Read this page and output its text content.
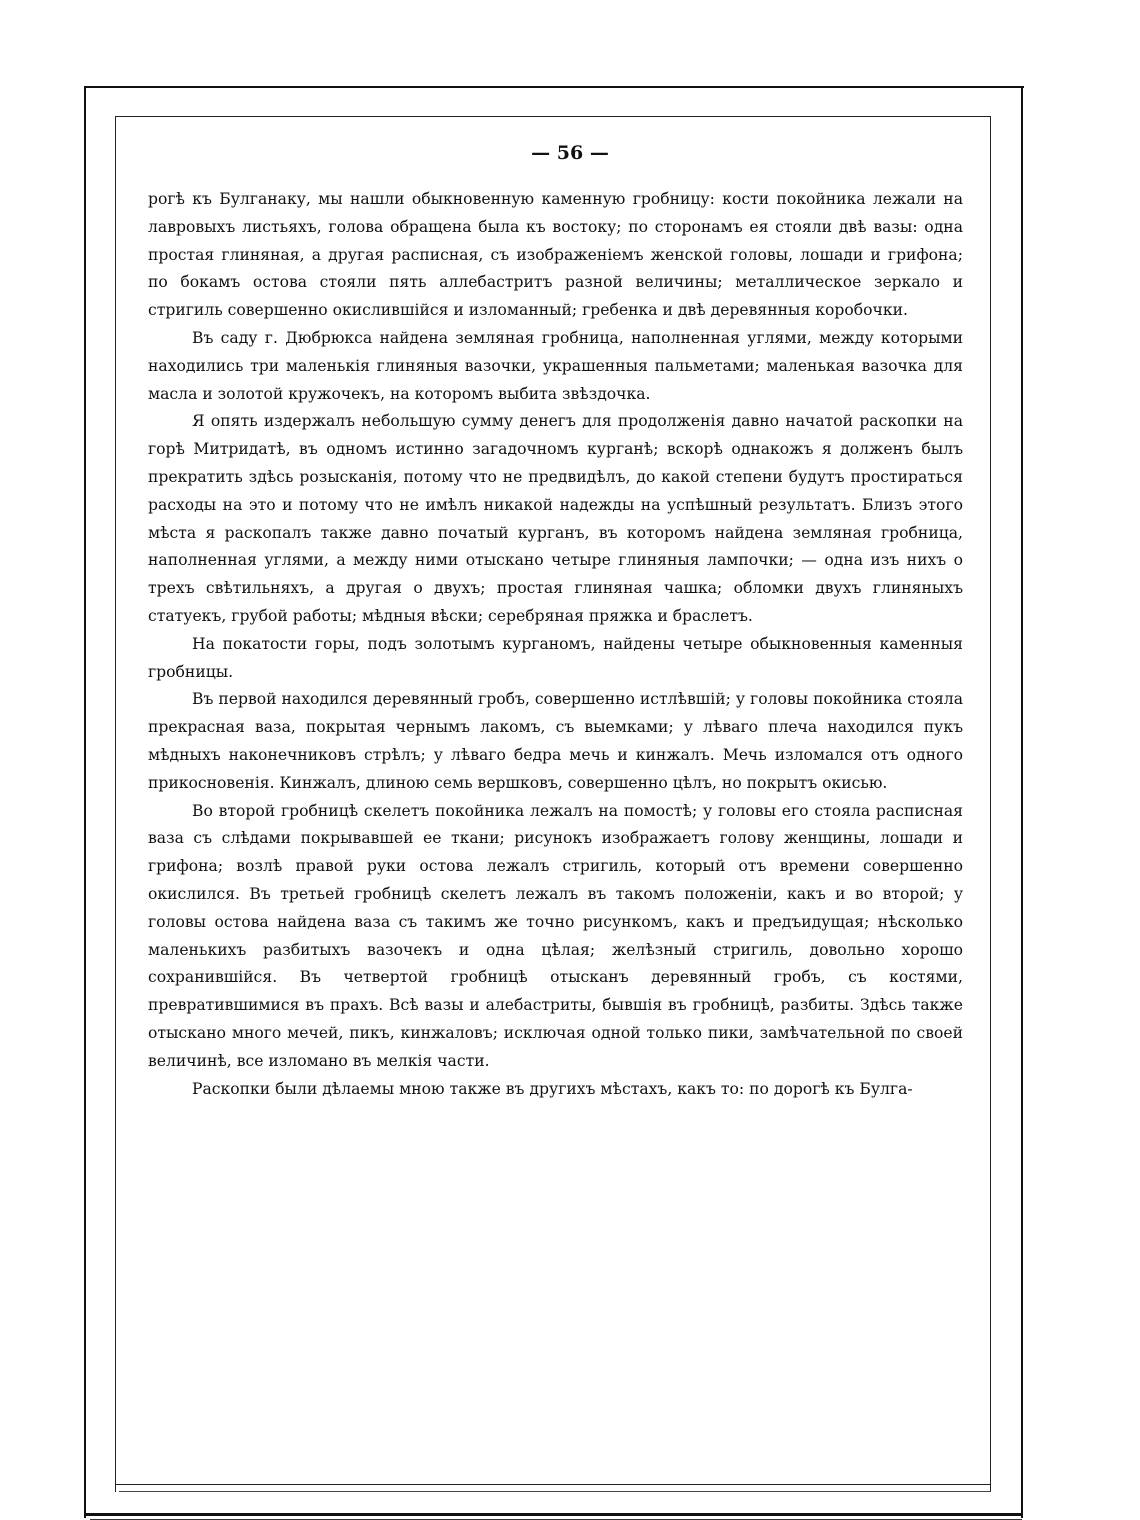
— 56 —

рогѣ къ Булганаку, мы нашли обыкновенную каменную гробницу: кости покойника лежали на лавровыхъ листьяхъ, голова обращена была къ востоку; по сторонамъ ея стояли двѣ вазы: одна простая глиняная, а другая расписная, съ изображеніемъ женской головы, лошади и грифона; по бокамъ остова стояли пять аллебастритъ разной величины; металлическое зеркало и стригиль совершенно окислившійся и изломанный; гребенка и двѣ деревянныя коробочки.

Въ саду г. Дюбрюкса найдена земляная гробница, наполненная углями, между которыми находились три маленькія глиняныя вазочки, украшенныя пальметами; маленькая вазочка для масла и золотой кружочекъ, на которомъ выбита звѣздочка.

Я опять издержалъ небольшую сумму денегъ для продолженія давно начатой раскопки на горѣ Митридатѣ, въ одномъ истинно загадочномъ курганѣ; вскорѣ однакожъ я долженъ былъ прекратить здѣсь розысканія, потому что не предвидѣлъ, до какой степени будутъ простираться расходы на это и потому что не имѣлъ никакой надежды на успѣшный результатъ. Близъ этого мѣста я раскопалъ также давно початый курганъ, въ которомъ найдена земляная гробница, наполненная углями, а между ними отыскано четыре глиняныя лампочки; — одна изъ нихъ о трехъ свѣтильняхъ, а другая о двухъ; простая глиняная чашка; обломки двухъ глиняныхъ статуекъ, грубой работы; мѣдныя вѣски; серебряная пряжка и браслетъ.

На покатости горы, подъ золотымъ курганомъ, найдены четыре обыкновенныя каменныя гробницы.

Въ первой находился деревянный гробъ, совершенно истлѣвшій; у головы покойника стояла прекрасная ваза, покрытая чернымъ лакомъ, съ выемками; у лѣваго плеча находился пукъ мѣдныхъ наконечниковъ стрѣлъ; у лѣваго бедра мечь и кинжалъ. Мечь изломался отъ одного прикосновенія. Кинжалъ, длиною семь вершковъ, совершенно цѣлъ, но покрытъ окисью.

Во второй гробницѣ скелетъ покойника лежалъ на помостѣ; у головы его стояла расписная ваза съ слѣдами покрывавшей ее ткани; рисунокъ изображаетъ голову женщины, лошади и грифона; возлѣ правой руки остова лежалъ стригиль, который отъ времени совершенно окислился. Въ третьей гробницѣ скелетъ лежалъ въ такомъ положеніи, какъ и во второй; у головы остова найдена ваза съ такимъ же точно рисункомъ, какъ и предъидущая; нѣсколько маленькихъ разбитыхъ вазочекъ и одна цѣлая; желѣзный стригиль, довольно хорошо сохранившійся. Въ четвертой гробницѣ отысканъ деревянный гробъ, съ костями, превратившимися въ прахъ. Всѣ вазы и алебастриты, бывшія въ гробницѣ, разбиты. Здѣсь также отыскано много мечей, пикъ, кинжаловъ; исключая одной только пики, замѣчательной по своей величинѣ, все изломано въ мелкія части.

Раскопки были дѣлаемы мною также въ другихъ мѣстахъ, какъ то: по дорогѣ къ Булга-
